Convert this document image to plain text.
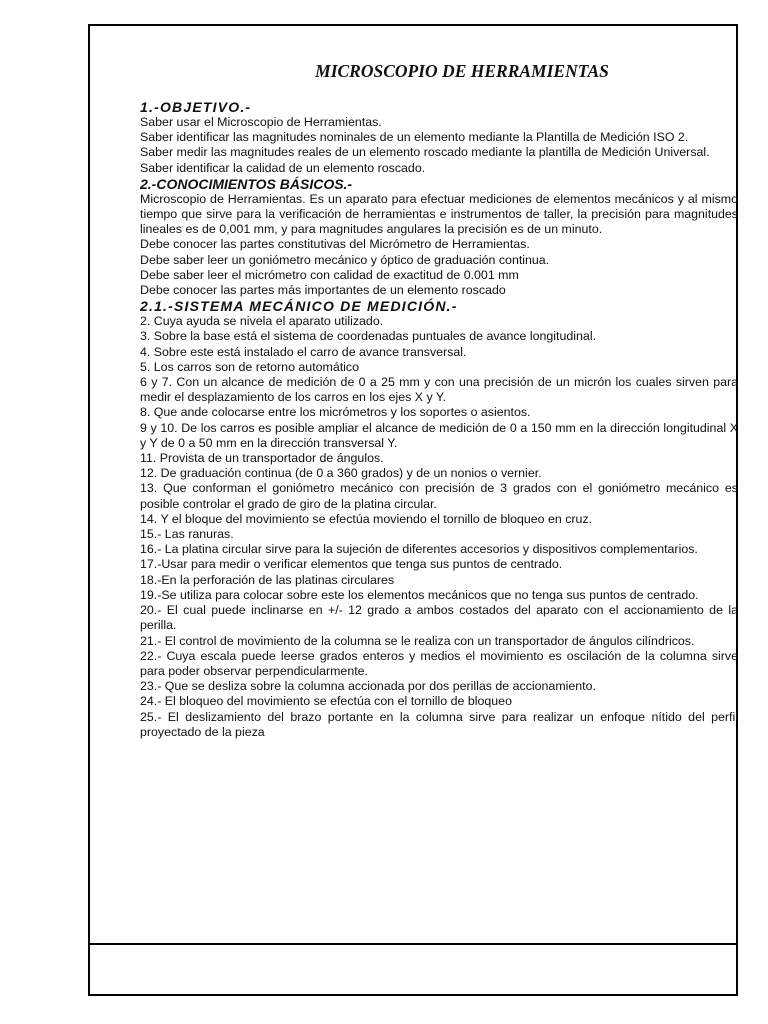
MICROSCOPIO DE HERRAMIENTAS
1.-OBJETIVO.-

Saber usar el Microscopio de Herramientas.

Saber identificar las magnitudes nominales de un elemento mediante la Plantilla de Medición ISO 2.

Saber medir las magnitudes reales de un elemento roscado mediante la plantilla de Medición Universal.

Saber identificar la calidad de un elemento roscado.

2.-CONOCIMIENTOS BÁSICOS.-

Microscopio de Herramientas. Es un aparato para efectuar mediciones de elementos mecánicos y al mismo tiempo que sirve para la verificación de herramientas e instrumentos de taller, la precisión para magnitudes lineales es de 0,001 mm, y para magnitudes angulares la precisión es de un minuto.

Debe conocer las partes constitutivas del Micrómetro de Herramientas.

Debe saber leer un goniómetro mecánico y óptico de graduación continua.

Debe saber leer el micrómetro con calidad de exactitud de 0.001 mm

Debe conocer las partes más importantes de un elemento roscado

2.1.-SISTEMA MECÁNICO DE MEDICIÓN.-

2. Cuya ayuda se nivela el aparato utilizado.

3. Sobre la base está el sistema de coordenadas puntuales de avance longitudinal.

4. Sobre este está instalado el carro de avance transversal.

5. Los carros son de retorno automático

6 y 7. Con un alcance de medición de 0 a 25 mm y con una precisión de un micrón los cuales sirven para medir el desplazamiento de los carros en los ejes X y Y.

8. Que ande colocarse entre los micrómetros y los soportes o asientos.

9 y 10. De los carros es posible ampliar el alcance de medición de 0 a 150 mm en la dirección longitudinal X y Y de 0 a 50 mm en la dirección transversal Y.

11. Provista de un transportador de ángulos.

12. De graduación continua (de 0 a 360 grados) y de un nonios o vernier.

13. Que conforman el goniómetro mecánico con precisión de 3 grados con el goniómetro mecánico es posible controlar el grado de giro de la platina circular.

14. Y el bloque del movimiento se efectúa moviendo el tornillo de bloqueo en cruz.

15.- Las ranuras.

16.- La platina circular sirve para la sujeción de diferentes accesorios y dispositivos complementarios.

17.-Usar para medir o verificar elementos que tenga sus puntos de centrado.

18.-En la perforación de las platinas circulares

19.-Se utiliza para colocar sobre este los elementos mecánicos que no tenga sus puntos de centrado.

20.- El cual puede inclinarse en +/- 12 grado a ambos costados del aparato con el accionamiento de la perilla.

21.- El control de movimiento de la columna se le realiza con un transportador de ángulos cilíndricos.

22.- Cuya escala puede leerse grados enteros y medios el movimiento es oscilación de la columna sirve para poder observar perpendicularmente.

23.- Que se desliza sobre la columna accionada por dos perillas de accionamiento.

24.- El bloqueo del movimiento se efectúa con el tornillo de bloqueo

25.- El deslizamiento del brazo portante en la columna sirve para realizar un enfoque nítido del perfil proyectado de la pieza
